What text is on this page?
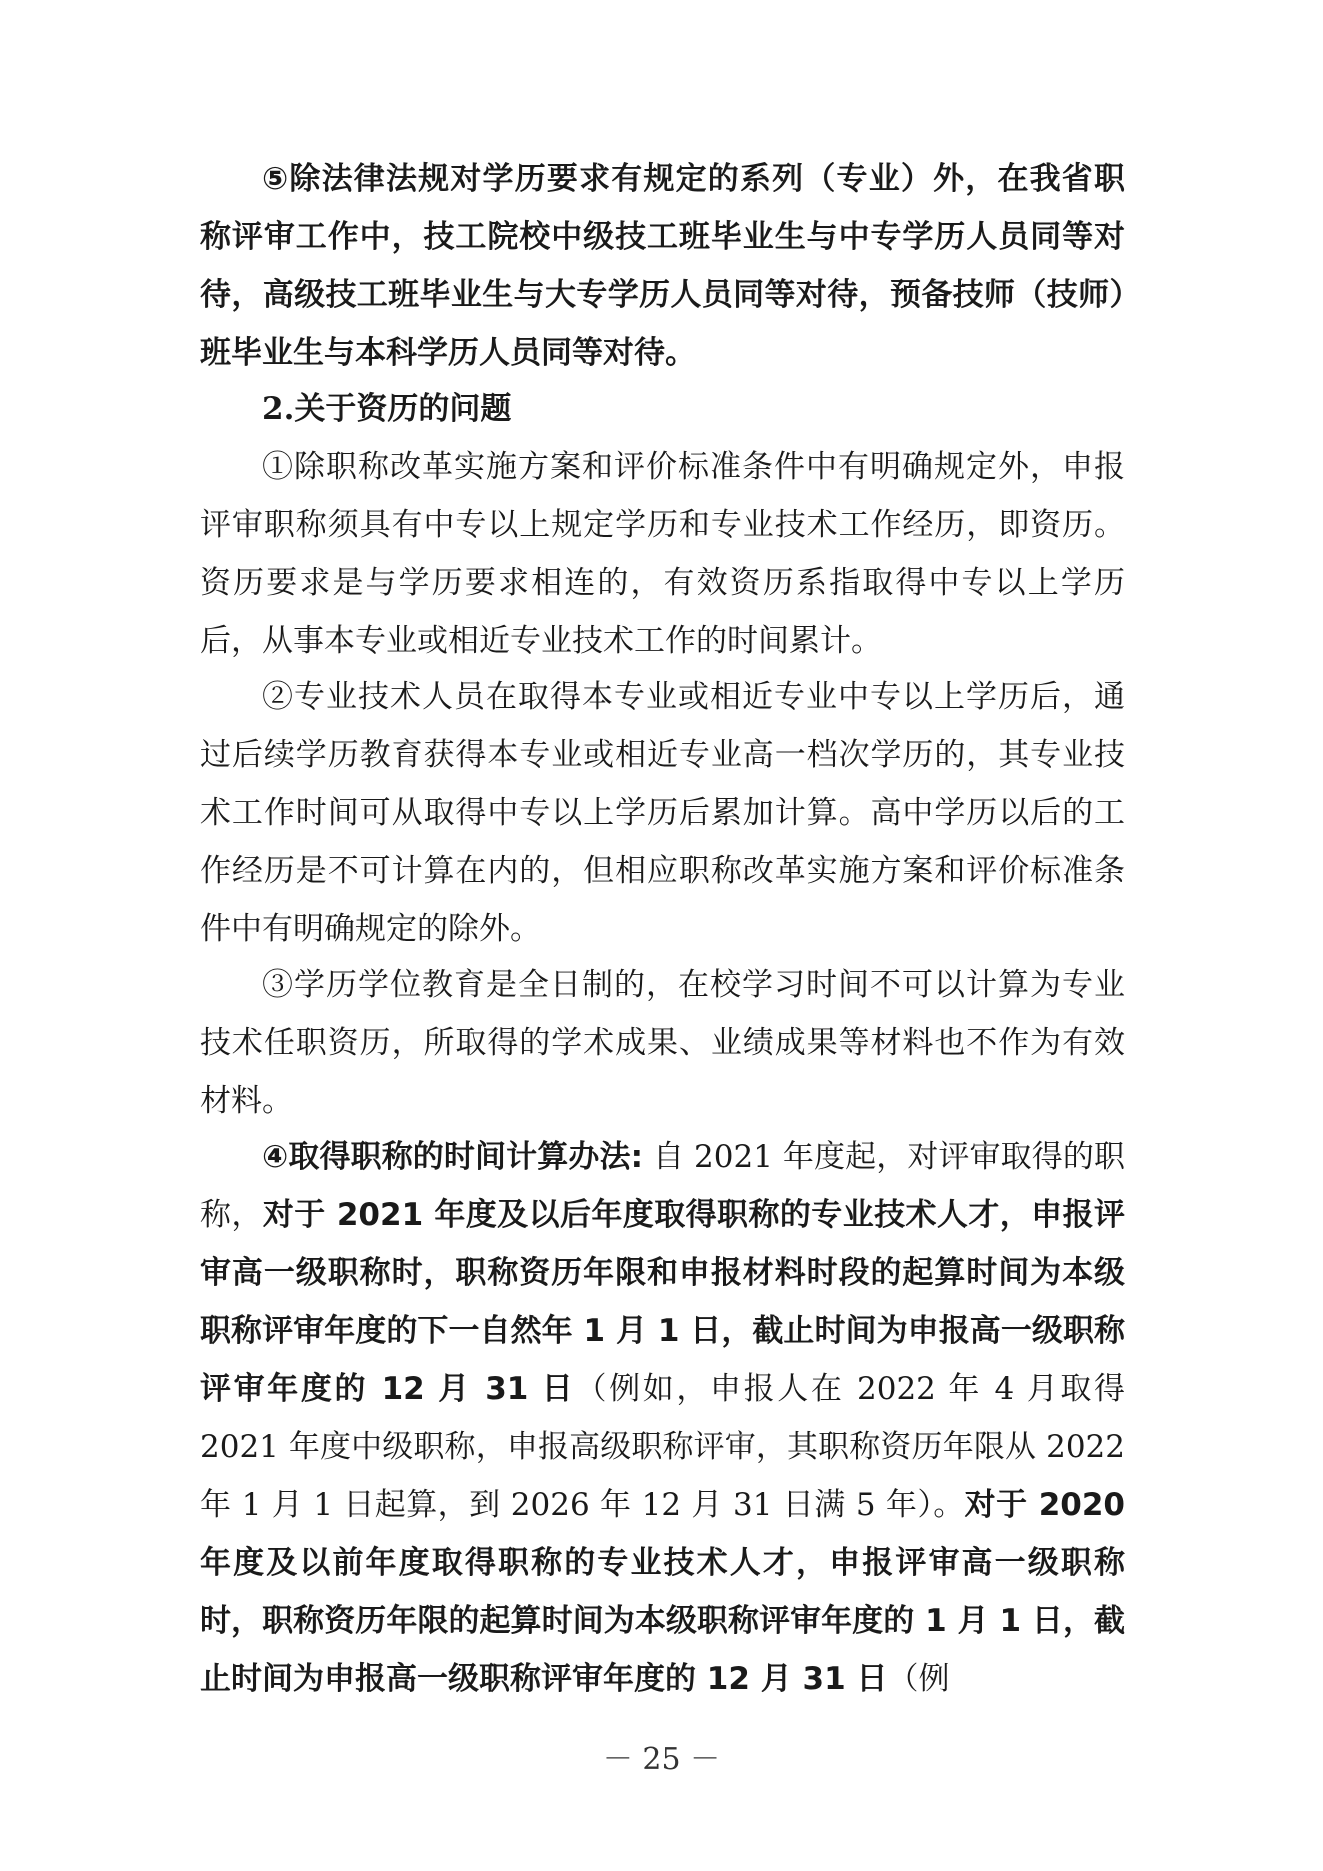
⑤除法律法规对学历要求有规定的系列（专业）外，在我省职称评审工作中，技工院校中级技工班毕业生与中专学历人员同等对待，高级技工班毕业生与大专学历人员同等对待，预备技师（技师）班毕业生与本科学历人员同等对待。

2.关于资历的问题

①除职称改革实施方案和评价标准条件中有明确规定外，申报评审职称须具有中专以上规定学历和专业技术工作经历，即资历。资历要求是与学历要求相连的，有效资历系指取得中专以上学历后，从事本专业或相近专业技术工作的时间累计。

②专业技术人员在取得本专业或相近专业中专以上学历后，通过后续学历教育获得本专业或相近专业高一档次学历的，其专业技术工作时间可从取得中专以上学历后累加计算。高中学历以后的工作经历是不可计算在内的，但相应职称改革实施方案和评价标准条件中有明确规定的除外。

③学历学位教育是全日制的，在校学习时间不可以计算为专业技术任职资历，所取得的学术成果、业绩成果等材料也不作为有效材料。

④取得职称的时间计算办法: 自 2021 年度起，对评审取得的职称，对于 2021 年度及以后年度取得职称的专业技术人才，申报评审高一级职称时，职称资历年限和申报材料时段的起算时间为本级职称评审年度的下一自然年 1 月 1 日，截止时间为申报高一级职称评审年度的 12 月 31 日（例如，申报人在 2022 年 4 月取得 2021 年度中级职称，申报高级职称评审，其职称资历年限从 2022 年 1 月 1 日起算，到 2026 年 12 月 31 日满 5 年）。对于 2020 年度及以前年度取得职称的专业技术人才，申报评审高一级职称时，职称资历年限的起算时间为本级职称评审年度的 1 月 1 日，截止时间为申报高一级职称评审年度的 12 月 31 日（例

－ 25 －
